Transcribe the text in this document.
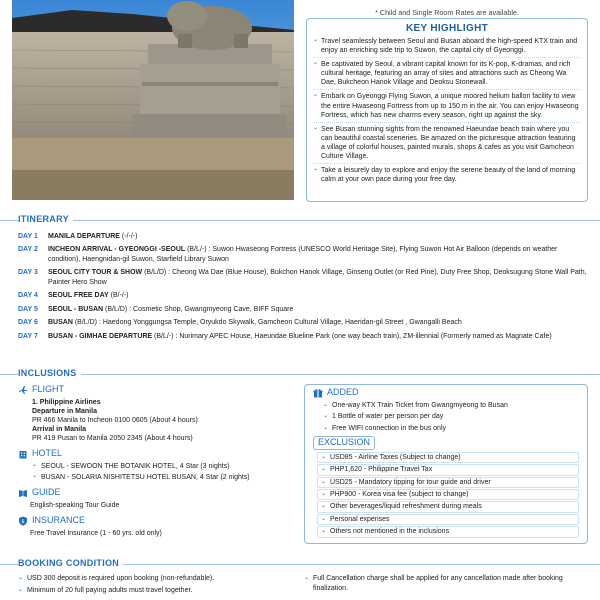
* Child and Single Room Rates are available.
KEY HIGHLIGHT
⌄ Travel seamlessly between Seoul and Busan aboard the high-speed KTX train and enjoy an enriching side trip to Suwon, the capital city of Gyeonggi.
⌄ Be captivated by Seoul, a vibrant capital known for its K-pop, K-dramas, and rich cultural heritage, featuring an array of sites and attractions such as Cheong Wa Dae, Bukcheon Hanok Village and Deoksu Stonewall.
⌄ Embark on Gyeonggi Flying Suwon, a unique moored helium ballon facility to view the entire Hwaseong Fortress from up to 150 m in the air. You can enjoy Hwaseong Fortress, which has new charms every season, right up against the sky.
⌄ See Busan stunning sights from the renowned Haeundae beach train where you can beautiful coastal sceneries. Be amazed on the picturesque attraction featuring a village of colorful houses, painted murals, shops & cafes as you visit Gamcheon Culture Village.
⌄ Take a leisurely day to explore and enjoy the serene beauty of the land of morning calm at your own pace during your free day.
ITINERARY
DAY 1	MANILA DEPARTURE (-/-/-)
DAY 2	INCHEON ARRIVAL - GYEONGGI -SEOUL (B/L/-) : Suwon Hwaseong Fortress (UNESCO World Heritage Site), Flying Suwon Hot Air Balloon (depends on weather condition), Haengnidan-gil Suwon, Starfield Library Suwon
DAY 3	SEOUL CITY TOUR & SHOW (B/L/D) : Cheong Wa Dae (Blue House), Bukchon Hanok Village, Ginseng Outlet (or Red Pine), Duty Free Shop, Deoksugung Stone Wall Path, Painter Hero Show
DAY 4	SEOUL FREE DAY (B/-/-)
DAY 5	SEOUL - BUSAN (B/L/D) : Cosmetic Shop, Gwangmyeong Cave, BIFF Square
DAY 6	BUSAN (B/L/D) : Haedong Yonggungsa Temple, Oryukdo Skywalk, Gamcheon Cultural Village, Haeridan-gil Street , Gwangalli Beach
DAY 7	BUSAN - GIMHAE DEPARTURE (B/L/-) : Nurimary APEC House, Haeundae Blueline Park (one way beach train), ZM-illennial (Formerly named as Magnate Cafe)
INCLUSIONS
FLIGHT
1. Philippine Airlines
Departure in Manila
PR 466 Manila to Incheon 0100 0605 (About 4 hours)
Arrival in Manila
PR 419 Pusan to Manila 2050 2345 (About 4 hours)
HOTEL
⌄ SEOUL - SEWOON THE BOTANIK HOTEL, 4 Star (3 nights)
⌄ BUSAN - SOLARIA NISHITETSU HOTEL BUSAN, 4 Star (2 nights)
GUIDE
English-speaking Tour Guide
$ INSURANCE
Free Travel Insurance (1 - 60 yrs. old only)
ADDED
⌄ One-way KTX Train Ticket from Gwangmyeong to Busan
⌄ 1 Bottle of water per person per day
⌄ Free WIFI connection in the bus only
EXCLUSION
⌄ USD85 - Airline Taxes (Subject to change)
⌄ PHP1,620 - Philippine Travel Tax
⌄ USD25 - Mandatory tipping for tour guide and driver
⌄ PHP900 - Korea visa fee (subject to change)
⌄ Other beverages/liquid refreshment during meals
⌄ Personal expenses
⌄ Others not mentioned in the inclusions
BOOKING CONDITION
⌄ USD 300 deposit is required upon booking (non-refundable).
⌄ Minimum of 20 full paying adults must travel together.
⌄ Full Cancellation charge shall be applied for any cancellation made after booking finalization.
